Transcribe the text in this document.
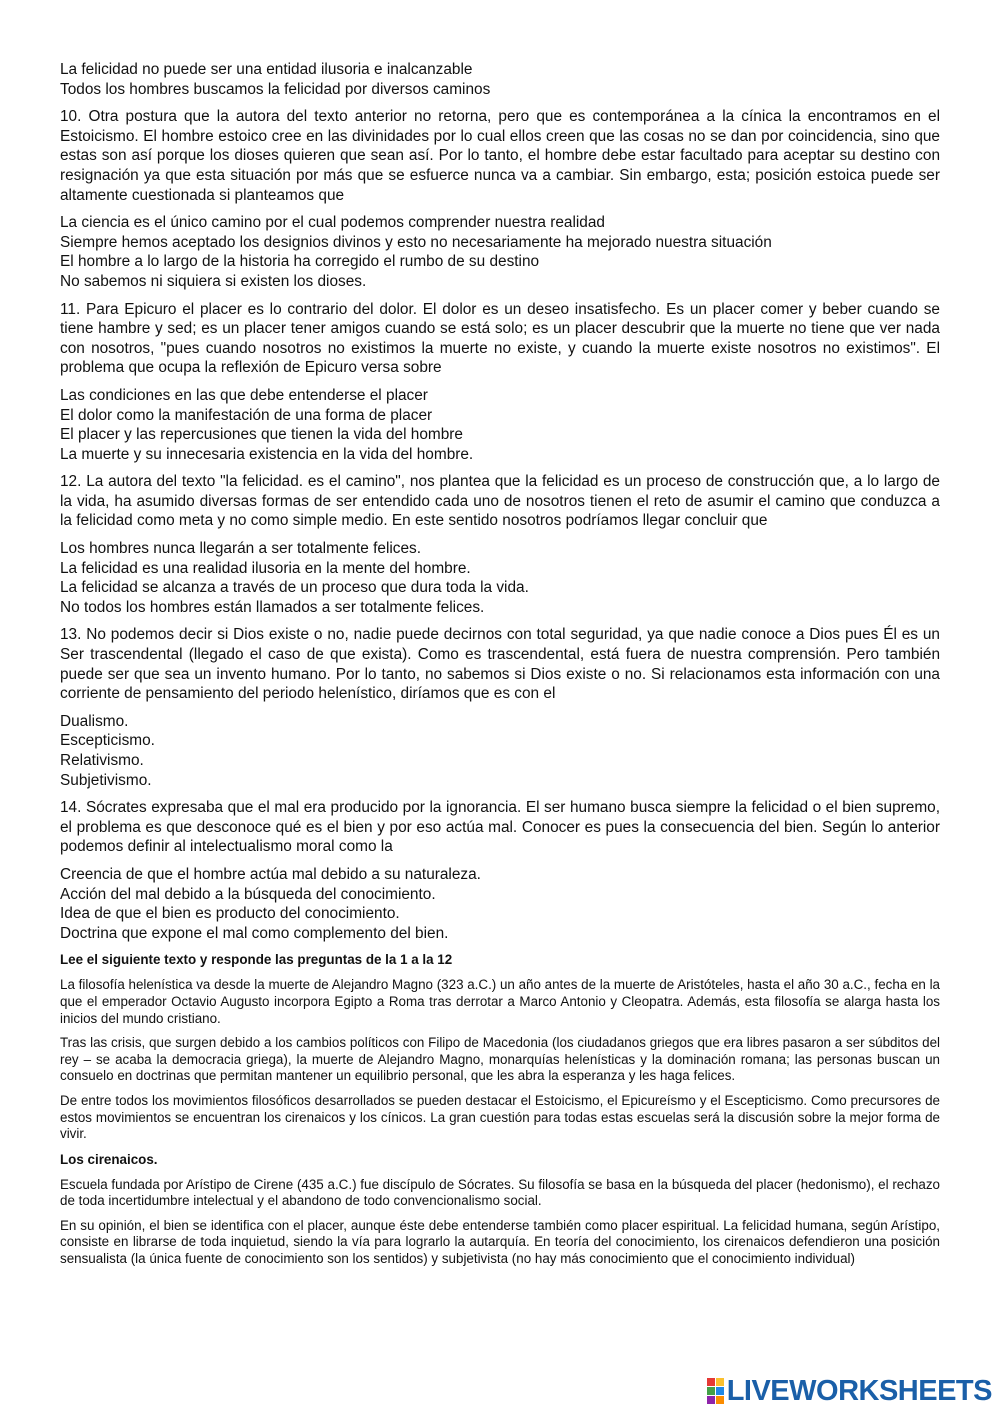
La felicidad no puede ser una entidad ilusoria e inalcanzable
Todos los hombres buscamos la felicidad por diversos caminos
10. Otra postura que la autora del texto anterior no retorna, pero que es contemporánea a la cínica la encontramos en el Estoicismo. El hombre estoico cree en las divinidades por lo cual ellos creen que las cosas no se dan por coincidencia, sino que estas son así porque los dioses quieren que sean así. Por lo tanto, el hombre debe estar facultado para aceptar su destino con resignación ya que esta situación por más que se esfuerce nunca va a cambiar. Sin embargo, esta; posición estoica puede ser altamente cuestionada si planteamos que
La ciencia es el único camino por el cual podemos comprender nuestra realidad
Siempre hemos aceptado los designios divinos y esto no necesariamente ha mejorado nuestra situación
El hombre a lo largo de la historia ha corregido el rumbo de su destino
No sabemos ni siquiera si existen los dioses.
11. Para Epicuro el placer es lo contrario del dolor. El dolor es un deseo insatisfecho. Es un placer comer y beber cuando se tiene hambre y sed; es un placer tener amigos cuando se está solo; es un placer descubrir que la muerte no tiene que ver nada con nosotros, "pues cuando nosotros no existimos la muerte no existe, y cuando la muerte existe nosotros no existimos". El problema que ocupa la reflexión de Epicuro versa sobre
Las condiciones en las que debe entenderse el placer
El dolor como la manifestación de una forma de placer
El placer y las repercusiones que tienen la vida del hombre
La muerte y su innecesaria existencia en la vida del hombre.
12. La autora del texto "la felicidad. es el camino", nos plantea que la felicidad es un proceso de construcción que, a lo largo de la vida, ha asumido diversas formas de ser entendido cada uno de nosotros tienen el reto de asumir el camino que conduzca a la felicidad como meta y no como simple medio. En este sentido nosotros podríamos llegar concluir que
Los hombres nunca llegarán a ser totalmente felices.
La felicidad es una realidad ilusoria en la mente del hombre.
La felicidad se alcanza a través de un proceso que dura toda la vida.
No todos los hombres están llamados a ser totalmente felices.
13. No podemos decir si Dios existe o no, nadie puede decirnos con total seguridad, ya que nadie conoce a Dios pues Él es un Ser trascendental (llegado el caso de que exista). Como es trascendental, está fuera de nuestra comprensión. Pero también puede ser que sea un invento humano. Por lo tanto, no sabemos si Dios existe o no. Si relacionamos esta información con una corriente de pensamiento del periodo helenístico, diríamos que es con el
Dualismo.
Escepticismo.
Relativismo.
Subjetivismo.
14. Sócrates expresaba que el mal era producido por la ignorancia. El ser humano busca siempre la felicidad o el bien supremo, el problema es que desconoce qué es el bien y por eso actúa mal. Conocer es pues la consecuencia del bien. Según lo anterior podemos definir al intelectualismo moral como la
Creencia de que el hombre actúa mal debido a su naturaleza.
Acción del mal debido a la búsqueda del conocimiento.
Idea de que el bien es producto del conocimiento.
Doctrina que expone el mal como complemento del bien.
Lee el siguiente texto y responde las preguntas de la 1 a la 12
La filosofía helenística va desde la muerte de Alejandro Magno (323 a.C.) un año antes de la muerte de Aristóteles, hasta el año 30 a.C., fecha en la que el emperador Octavio Augusto incorpora Egipto a Roma tras derrotar a Marco Antonio y Cleopatra. Además, esta filosofía se alarga hasta los inicios del mundo cristiano.
Tras las crisis, que surgen debido a los cambios políticos con Filipo de Macedonia (los ciudadanos griegos que era libres pasaron a ser súbditos del rey – se acaba la democracia griega), la muerte de Alejandro Magno, monarquías helenísticas y la dominación romana; las personas buscan un consuelo en doctrinas que permitan mantener un equilibrio personal, que les abra la esperanza y les haga felices.
De entre todos los movimientos filosóficos desarrollados se pueden destacar el Estoicismo, el Epicureísmo y el Escepticismo. Como precursores de estos movimientos se encuentran los cirenaicos y los cínicos. La gran cuestión para todas estas escuelas será la discusión sobre la mejor forma de vivir.
Los cirenaicos.
Escuela fundada por Arístipo de Cirene (435 a.C.) fue discípulo de Sócrates. Su filosofía se basa en la búsqueda del placer (hedonismo), el rechazo de toda incertidumbre intelectual y el abandono de todo convencionalismo social.
En su opinión, el bien se identifica con el placer, aunque éste debe entenderse también como placer espiritual. La felicidad humana, según Arístipo, consiste en librarse de toda inquietud, siendo la vía para lograrlo la autarquía. En teoría del conocimiento, los cirenaicos defendieron una posición sensualista (la única fuente de conocimiento son los sentidos) y subjetivista (no hay más conocimiento que el conocimiento individual)
LIVEWORKSHEETS
